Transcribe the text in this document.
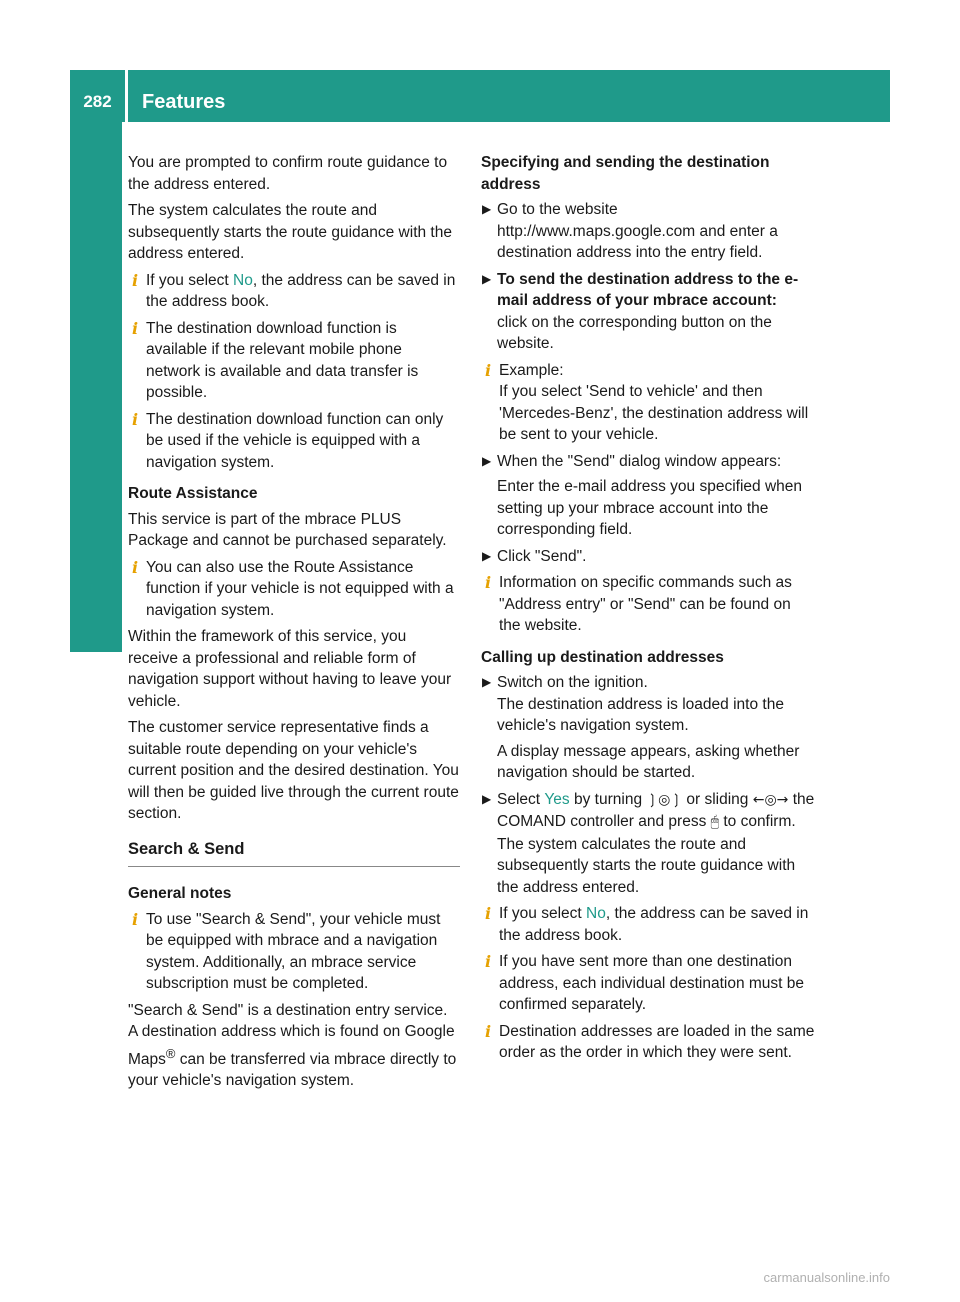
282	Features
Stowage and features

You are prompted to confirm route guidance to the address entered.

The system calculates the route and subsequently starts the route guidance with the address entered.

i If you select No, the address can be saved in the address book.
i The destination download function is available if the relevant mobile phone network is available and data transfer is possible.
i The destination download function can only be used if the vehicle is equipped with a navigation system.
Route Assistance

This service is part of the mbrace PLUS Package and cannot be purchased separately.

i You can also use the Route Assistance function if your vehicle is not equipped with a navigation system.

Within the framework of this service, you receive a professional and reliable form of navigation support without having to leave your vehicle.

The customer service representative finds a suitable route depending on your vehicle's current position and the desired destination. You will then be guided live through the current route section.

Search & Send
General notes
i To use "Search & Send", your vehicle must be equipped with mbrace and a navigation system. Additionally, an mbrace service subscription must be completed.

"Search & Send" is a destination entry service. A destination address which is found on Google Maps® can be transferred via mbrace directly to your vehicle's navigation system.

Specifying and sending the destination address
▶ Go to the website http://www.maps.google.com and enter a destination address into the entry field.
▶ To send the destination address to the e-mail address of your mbrace account:
click on the corresponding button on the website.
i Example:
If you select 'Send to vehicle' and then 'Mercedes-Benz', the destination address will be sent to your vehicle.
▶ When the "Send" dialog window appears:
Enter the e-mail address you specified when setting up your mbrace account into the corresponding field.
▶ Click "Send".
i Information on specific commands such as "Address entry" or "Send" can be found on the website.
Calling up destination addresses
▶ Switch on the ignition.
The destination address is loaded into the vehicle's navigation system.
A display message appears, asking whether navigation should be started.
▶ Select Yes by turning ❳◎❳ or sliding ←◎→ the COMAND controller and press 🖱 to confirm.
The system calculates the route and subsequently starts the route guidance with the address entered.
i If you select No, the address can be saved in the address book.
i If you have sent more than one destination address, each individual destination must be confirmed separately.
i Destination addresses are loaded in the same order as the order in which they were sent.
carmanualsonline.info
